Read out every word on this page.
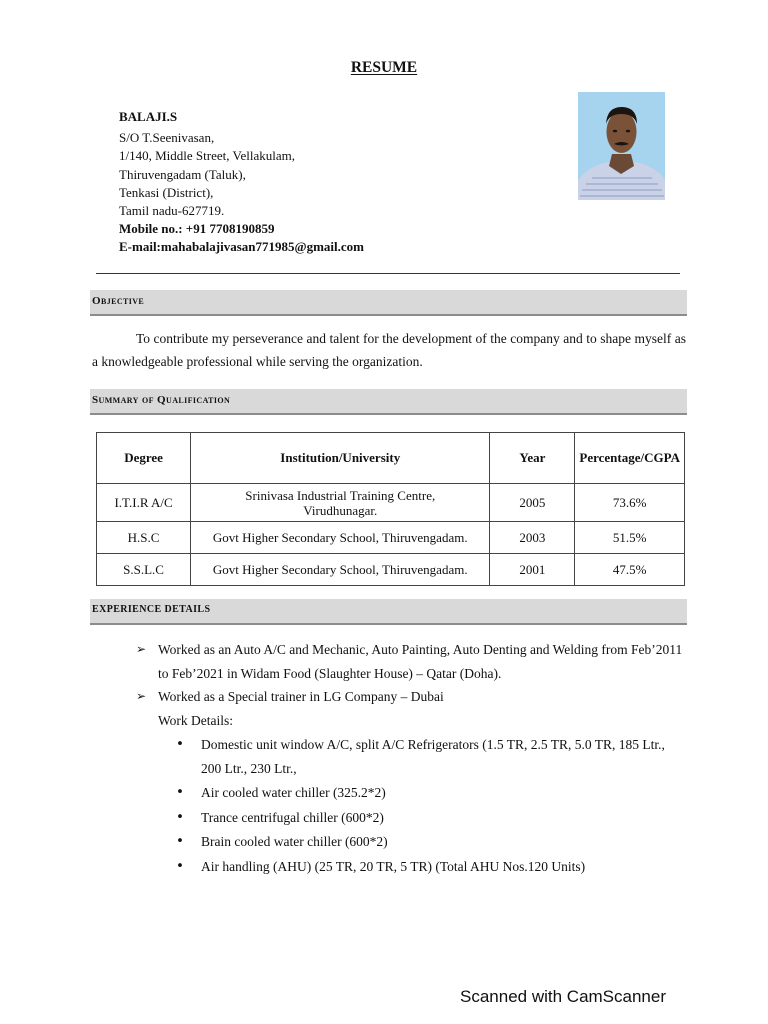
RESUME
BALAJI.S
S/O T.Seenivasan,
1/140, Middle Street, Vellakulam,
Thiruvengadam (Taluk),
Tenkasi (District),
Tamil nadu-627719.
Mobile no.: +91 7708190859
E-mail:mahabalajivasan771985@gmail.com
Objective
To contribute my perseverance and talent for the development of the company and to shape myself as a knowledgeable professional while serving the organization.
Summary of Qualification
Degree	Institution/University	Year	Percentage/CGPA
I.T.I.R A/C	Srinivasa Industrial Training Centre, Virudhunagar.	2005	73.6%
H.S.C	Govt Higher Secondary School, Thiruvengadam.	2003	51.5%
S.S.L.C	Govt Higher Secondary School, Thiruvengadam.	2001	47.5%
EXPERIENCE DETAILS
➢ Worked as an Auto A/C and Mechanic, Auto Painting, Auto Denting and Welding from Feb’2011 to Feb’2021 in Widam Food (Slaughter House) – Qatar (Doha).
➢ Worked as a Special trainer in LG Company – Dubai
Work Details:
• Domestic unit window A/C, split A/C Refrigerators (1.5 TR, 2.5 TR, 5.0 TR, 185 Ltr., 200 Ltr., 230 Ltr.,
• Air cooled water chiller (325.2*2)
• Trance centrifugal chiller (600*2)
• Brain cooled water chiller (600*2)
• Air handling (AHU) (25 TR, 20 TR, 5 TR) (Total AHU Nos.120 Units)
Scanned with CamScanner
